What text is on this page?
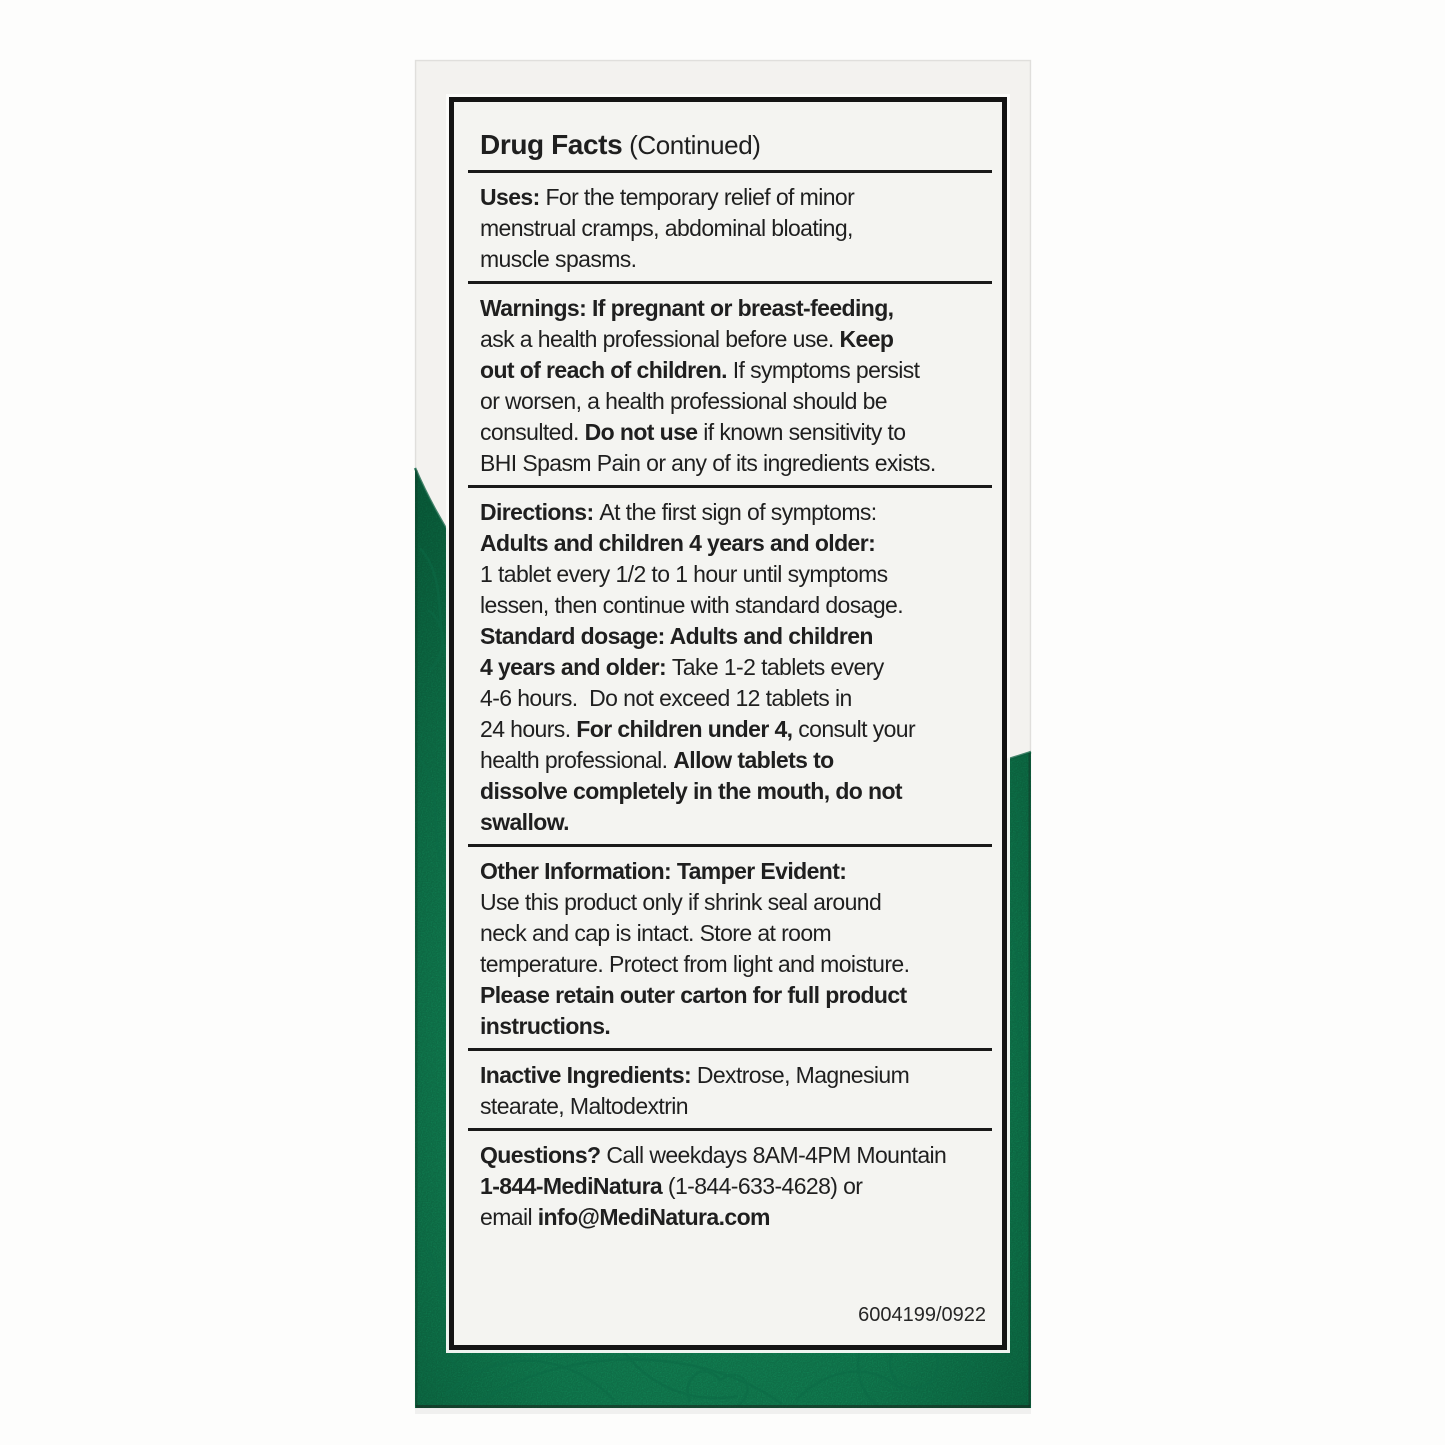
Drug Facts (Continued)
Uses: For the temporary relief of minor
menstrual cramps, abdominal bloating,
muscle spasms.
Warnings: If pregnant or breast-feeding,
ask a health professional before use. Keep
out of reach of children. If symptoms persist
or worsen, a health professional should be
consulted. Do not use if known sensitivity to
BHI Spasm Pain or any of its ingredients exists.
Directions: At the first sign of symptoms:
Adults and children 4 years and older:
1 tablet every 1/2 to 1 hour until symptoms
lessen, then continue with standard dosage.
Standard dosage: Adults and children
4 years and older: Take 1-2 tablets every
4-6 hours.  Do not exceed 12 tablets in
24 hours. For children under 4, consult your
health professional. Allow tablets to
dissolve completely in the mouth, do not
swallow.
Other Information: Tamper Evident:
Use this product only if shrink seal around
neck and cap is intact. Store at room
temperature. Protect from light and moisture.
Please retain outer carton for full product
instructions.
Inactive Ingredients: Dextrose, Magnesium
stearate, Maltodextrin
Questions? Call weekdays 8AM-4PM Mountain
1-844-MediNatura (1-844-633-4628) or
email info@MediNatura.com
6004199/0922
